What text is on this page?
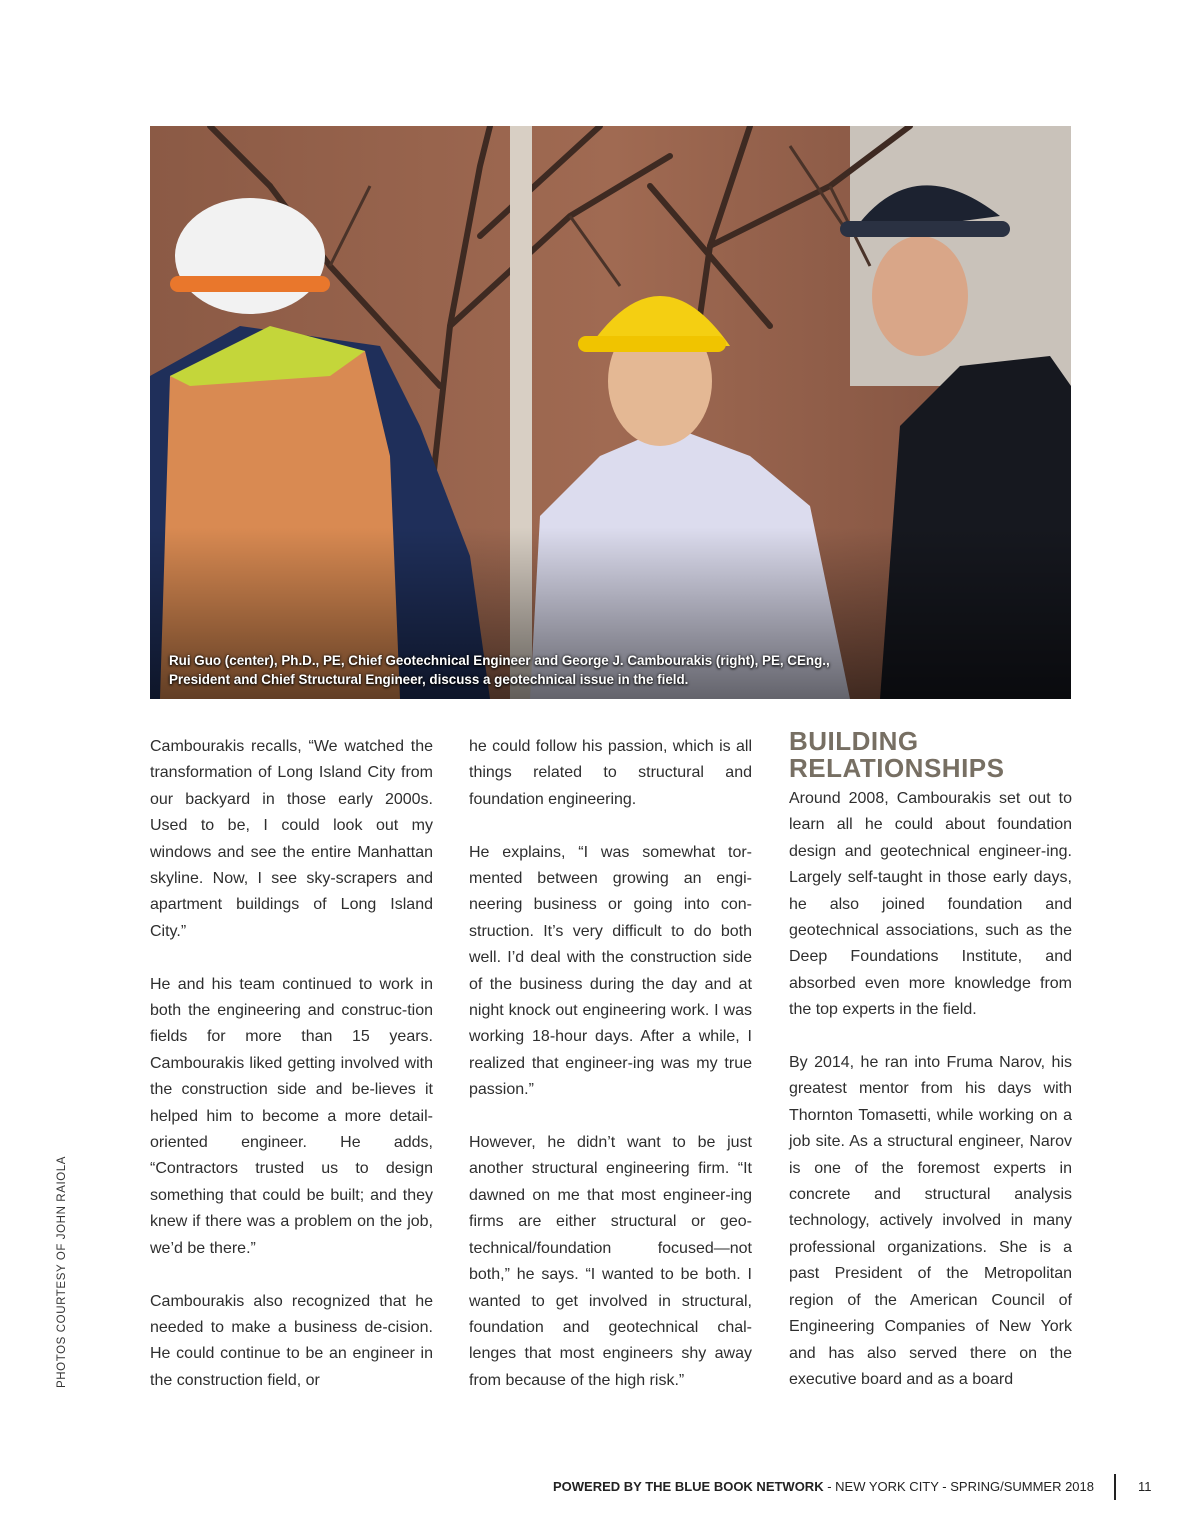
Rui Guo (center), Ph.D., PE, Chief Geotechnical Engineer and George J. Cambourakis (right), PE, CEng.,
President and Chief Structural Engineer, discuss a geotechnical issue in the field.

Cambourakis recalls, “We watched the transformation of Long Island City from our backyard in those early 2000s. Used to be, I could look out my windows and see the entire Manhattan skyline. Now, I see sky-scrapers and apartment buildings of Long Island City.”

He and his team continued to work in both the engineering and construc-tion fields for more than 15 years. Cambourakis liked getting involved with the construction side and be-lieves it helped him to become a more detail-oriented engineer. He adds, “Contractors trusted us to design something that could be built; and they knew if there was a problem on the job, we’d be there.”

Cambourakis also recognized that he needed to make a business de-cision. He could continue to be an engineer in the construction field, or

he could follow his passion, which is all things related to structural and foundation engineering.

He explains, “I was somewhat tor-mented between growing an engi-neering business or going into con-struction. It’s very difficult to do both well. I’d deal with the construction side of the business during the day and at night knock out engineering work. I was working 18-hour days. After a while, I realized that engineer-ing was my true passion.”

However, he didn’t want to be just another structural engineering firm. “It dawned on me that most engineer-ing firms are either structural or geo-technical/foundation focused—not both,” he says. “I wanted to be both. I wanted to get involved in structural, foundation and geotechnical chal-lenges that most engineers shy away from because of the high risk.”

BUILDING
RELATIONSHIPS

Around 2008, Cambourakis set out to learn all he could about foundation design and geotechnical engineer-ing. Largely self-taught in those early days, he also joined foundation and geotechnical associations, such as the Deep Foundations Institute, and absorbed even more knowledge from the top experts in the field.

By 2014, he ran into Fruma Narov, his greatest mentor from his days with Thornton Tomasetti, while working on a job site. As a structural engineer, Narov is one of the foremost experts in concrete and structural analysis technology, actively involved in many professional organizations. She is a past President of the Metropolitan region of the American Council of Engineering Companies of New York and has also served there on the executive board and as a board

PHOTOS COURTESY OF JOHN RAIOLA
POWERED BY THE BLUE BOOK NETWORK - NEW YORK CITY - SPRING/SUMMER 2018	11
